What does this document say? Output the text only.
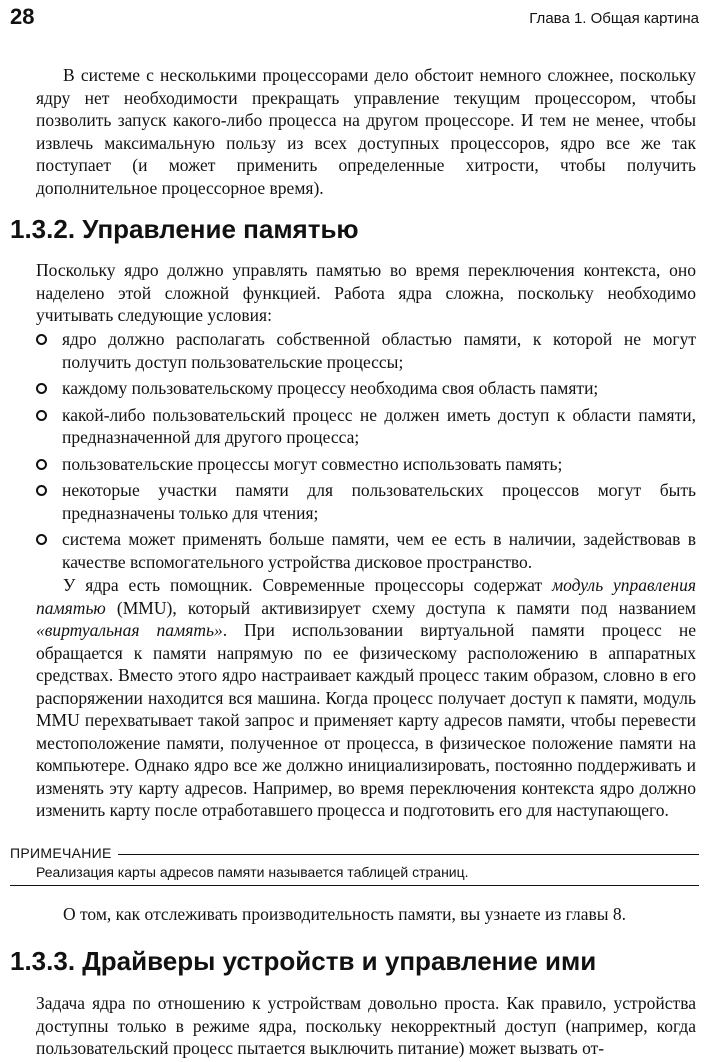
28	Глава 1. Общая картина

В системе с несколькими процессорами дело обстоит немного сложнее, поскольку ядру нет необходимости прекращать управление текущим процессором, чтобы позволить запуск какого-либо процесса на другом процессоре. И тем не менее, чтобы извлечь максимальную пользу из всех доступных процессоров, ядро все же так поступает (и может применить определенные хитрости, чтобы получить дополнительное процессорное время).

1.3.2. Управление памятью

Поскольку ядро должно управлять памятью во время переключения контекста, оно наделено этой сложной функцией. Работа ядра сложна, поскольку необходимо учитывать следующие условия:

ядро должно располагать собственной областью памяти, к которой не могут получить доступ пользовательские процессы;
каждому пользовательскому процессу необходима своя область памяти;
какой-либо пользовательский процесс не должен иметь доступ к области памяти, предназначенной для другого процесса;
пользовательские процессы могут совместно использовать память;
некоторые участки памяти для пользовательских процессов могут быть предназначены только для чтения;
система может применять больше памяти, чем ее есть в наличии, задействовав в качестве вспомогательного устройства дисковое пространство.

У ядра есть помощник. Современные процессоры содержат модуль управления памятью (MMU), который активизирует схему доступа к памяти под названием «виртуальная память». При использовании виртуальной памяти процесс не обращается к памяти напрямую по ее физическому расположению в аппаратных средствах. Вместо этого ядро настраивает каждый процесс таким образом, словно в его распоряжении находится вся машина. Когда процесс получает доступ к памяти, модуль MMU перехватывает такой запрос и применяет карту адресов памяти, чтобы перевести местоположение памяти, полученное от процесса, в физическое положение памяти на компьютере. Однако ядро все же должно инициализировать, постоянно поддерживать и изменять эту карту адресов. Например, во время переключения контекста ядро должно изменить карту после отработавшего процесса и подготовить его для наступающего.

ПРИМЕЧАНИЕ
Реализация карты адресов памяти называется таблицей страниц.

О том, как отслеживать производительность памяти, вы узнаете из главы 8.

1.3.3. Драйверы устройств и управление ими

Задача ядра по отношению к устройствам довольно проста. Как правило, устройства доступны только в режиме ядра, поскольку некорректный доступ (например, когда пользовательский процесс пытается выключить питание) может вызвать от-
